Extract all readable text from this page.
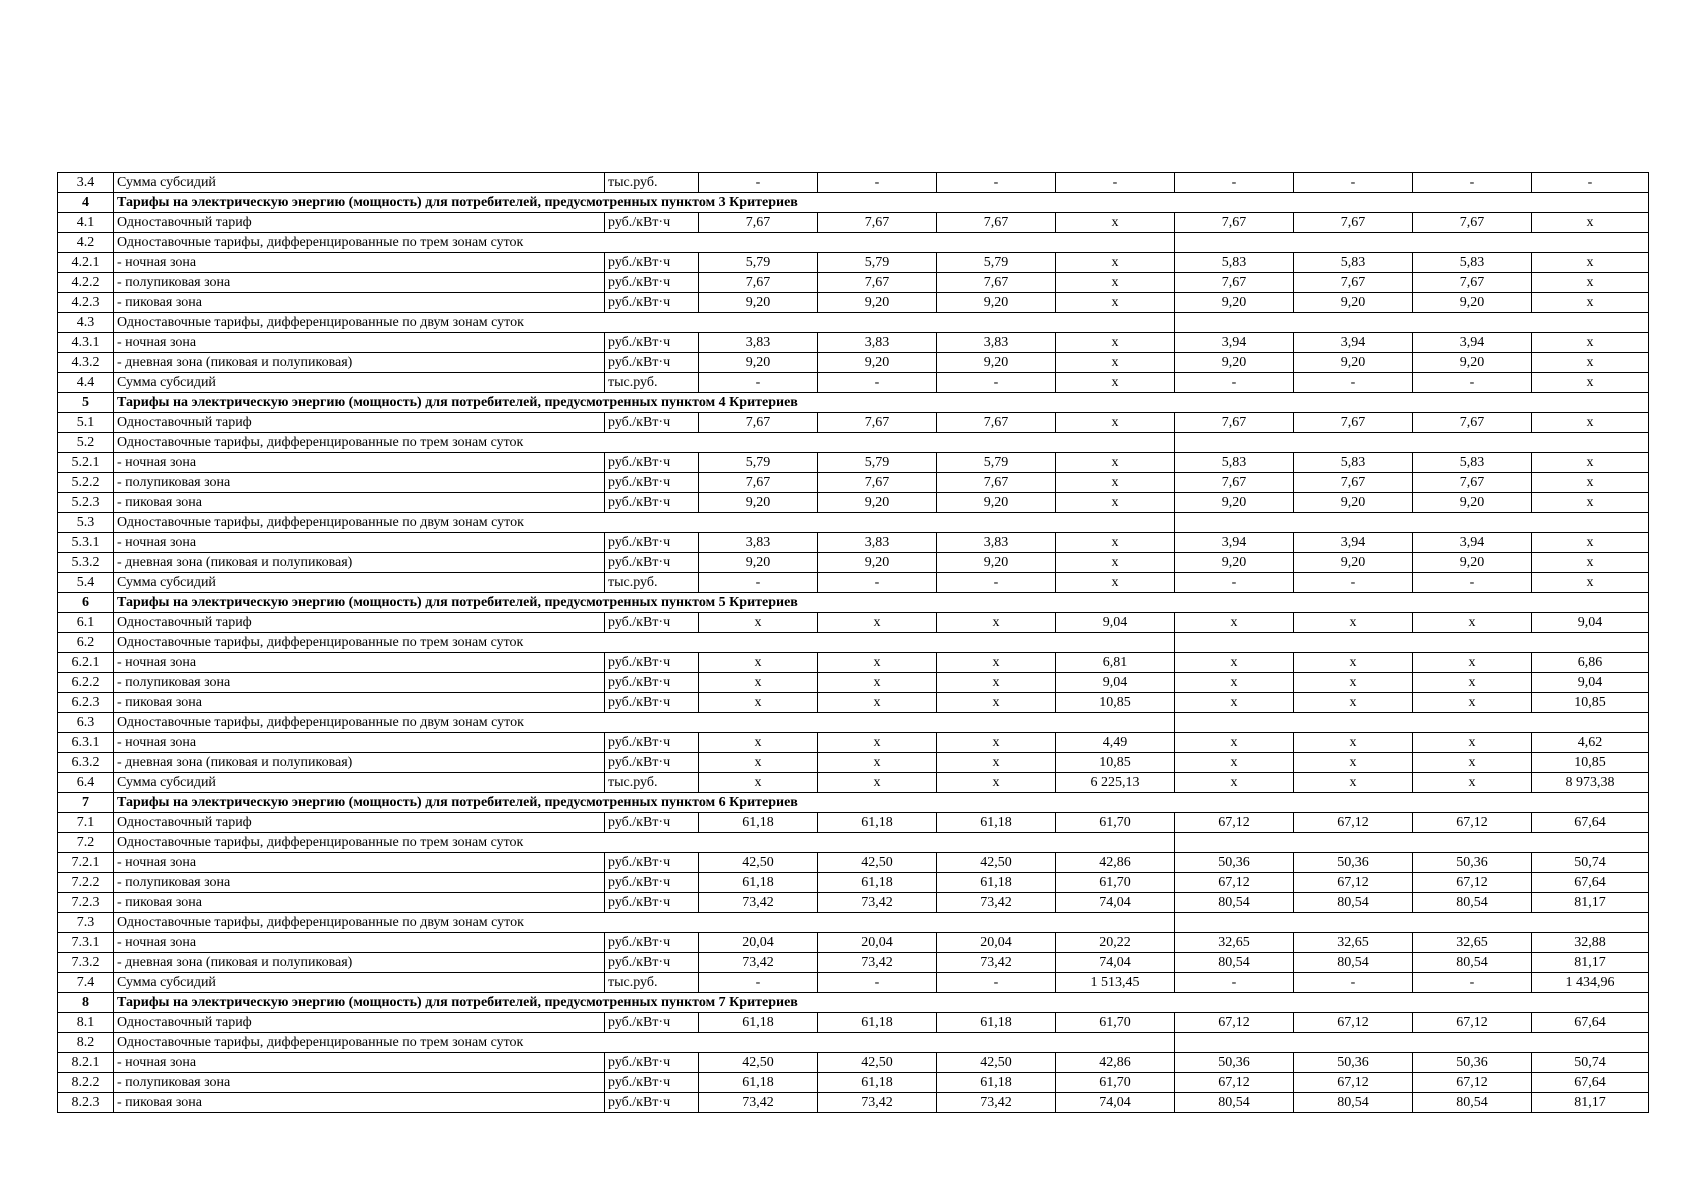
3.4	Сумма субсидий	тыс.руб.	-	-	-	-	-	-	-	-
4	Тарифы на электрическую энергию (мощность) для потребителей, предусмотренных пунктом 3 Критериев									
4.1	Одноставочный тариф	руб./кВт·ч	7,67	7,67	7,67	х	7,67	7,67	7,67	х
4.2	Одноставочные тарифы, дифференцированные по трем зонам суток									
4.2.1	- ночная зона	руб./кВт·ч	5,79	5,79	5,79	х	5,83	5,83	5,83	х
4.2.2	- полупиковая зона	руб./кВт·ч	7,67	7,67	7,67	х	7,67	7,67	7,67	х
4.2.3	- пиковая зона	руб./кВт·ч	9,20	9,20	9,20	х	9,20	9,20	9,20	х
4.3	Одноставочные тарифы, дифференцированные по двум зонам суток									
4.3.1	- ночная зона	руб./кВт·ч	3,83	3,83	3,83	х	3,94	3,94	3,94	х
4.3.2	- дневная зона (пиковая и полупиковая)	руб./кВт·ч	9,20	9,20	9,20	х	9,20	9,20	9,20	х
4.4	Сумма субсидий	тыс.руб.	-	-	-	х	-	-	-	х
5	Тарифы на электрическую энергию (мощность) для потребителей, предусмотренных пунктом 4 Критериев									
5.1	Одноставочный тариф	руб./кВт·ч	7,67	7,67	7,67	х	7,67	7,67	7,67	х
5.2	Одноставочные тарифы, дифференцированные по трем зонам суток									
5.2.1	- ночная зона	руб./кВт·ч	5,79	5,79	5,79	х	5,83	5,83	5,83	х
5.2.2	- полупиковая зона	руб./кВт·ч	7,67	7,67	7,67	х	7,67	7,67	7,67	х
5.2.3	- пиковая зона	руб./кВт·ч	9,20	9,20	9,20	х	9,20	9,20	9,20	х
5.3	Одноставочные тарифы, дифференцированные по двум зонам суток									
5.3.1	- ночная зона	руб./кВт·ч	3,83	3,83	3,83	х	3,94	3,94	3,94	х
5.3.2	- дневная зона (пиковая и полупиковая)	руб./кВт·ч	9,20	9,20	9,20	х	9,20	9,20	9,20	х
5.4	Сумма субсидий	тыс.руб.	-	-	-	х	-	-	-	х
6	Тарифы на электрическую энергию (мощность) для потребителей, предусмотренных пунктом 5 Критериев									
6.1	Одноставочный тариф	руб./кВт·ч	х	х	х	9,04	х	х	х	9,04
6.2	Одноставочные тарифы, дифференцированные по трем зонам суток									
6.2.1	- ночная зона	руб./кВт·ч	х	х	х	6,81	х	х	х	6,86
6.2.2	- полупиковая зона	руб./кВт·ч	х	х	х	9,04	х	х	х	9,04
6.2.3	- пиковая зона	руб./кВт·ч	х	х	х	10,85	х	х	х	10,85
6.3	Одноставочные тарифы, дифференцированные по двум зонам суток									
6.3.1	- ночная зона	руб./кВт·ч	х	х	х	4,49	х	х	х	4,62
6.3.2	- дневная зона (пиковая и полупиковая)	руб./кВт·ч	х	х	х	10,85	х	х	х	10,85
6.4	Сумма субсидий	тыс.руб.	х	х	х	6 225,13	х	х	х	8 973,38
7	Тарифы на электрическую энергию (мощность) для потребителей, предусмотренных пунктом 6 Критериев									
7.1	Одноставочный тариф	руб./кВт·ч	61,18	61,18	61,18	61,70	67,12	67,12	67,12	67,64
7.2	Одноставочные тарифы, дифференцированные по трем зонам суток									
7.2.1	- ночная зона	руб./кВт·ч	42,50	42,50	42,50	42,86	50,36	50,36	50,36	50,74
7.2.2	- полупиковая зона	руб./кВт·ч	61,18	61,18	61,18	61,70	67,12	67,12	67,12	67,64
7.2.3	- пиковая зона	руб./кВт·ч	73,42	73,42	73,42	74,04	80,54	80,54	80,54	81,17
7.3	Одноставочные тарифы, дифференцированные по двум зонам суток									
7.3.1	- ночная зона	руб./кВт·ч	20,04	20,04	20,04	20,22	32,65	32,65	32,65	32,88
7.3.2	- дневная зона (пиковая и полупиковая)	руб./кВт·ч	73,42	73,42	73,42	74,04	80,54	80,54	80,54	81,17
7.4	Сумма субсидий	тыс.руб.	-	-	-	1 513,45	-	-	-	1 434,96
8	Тарифы на электрическую энергию (мощность) для потребителей, предусмотренных пунктом 7 Критериев									
8.1	Одноставочный тариф	руб./кВт·ч	61,18	61,18	61,18	61,70	67,12	67,12	67,12	67,64
8.2	Одноставочные тарифы, дифференцированные по трем зонам суток									
8.2.1	- ночная зона	руб./кВт·ч	42,50	42,50	42,50	42,86	50,36	50,36	50,36	50,74
8.2.2	- полупиковая зона	руб./кВт·ч	61,18	61,18	61,18	61,70	67,12	67,12	67,12	67,64
8.2.3	- пиковая зона	руб./кВт·ч	73,42	73,42	73,42	74,04	80,54	80,54	80,54	81,17
